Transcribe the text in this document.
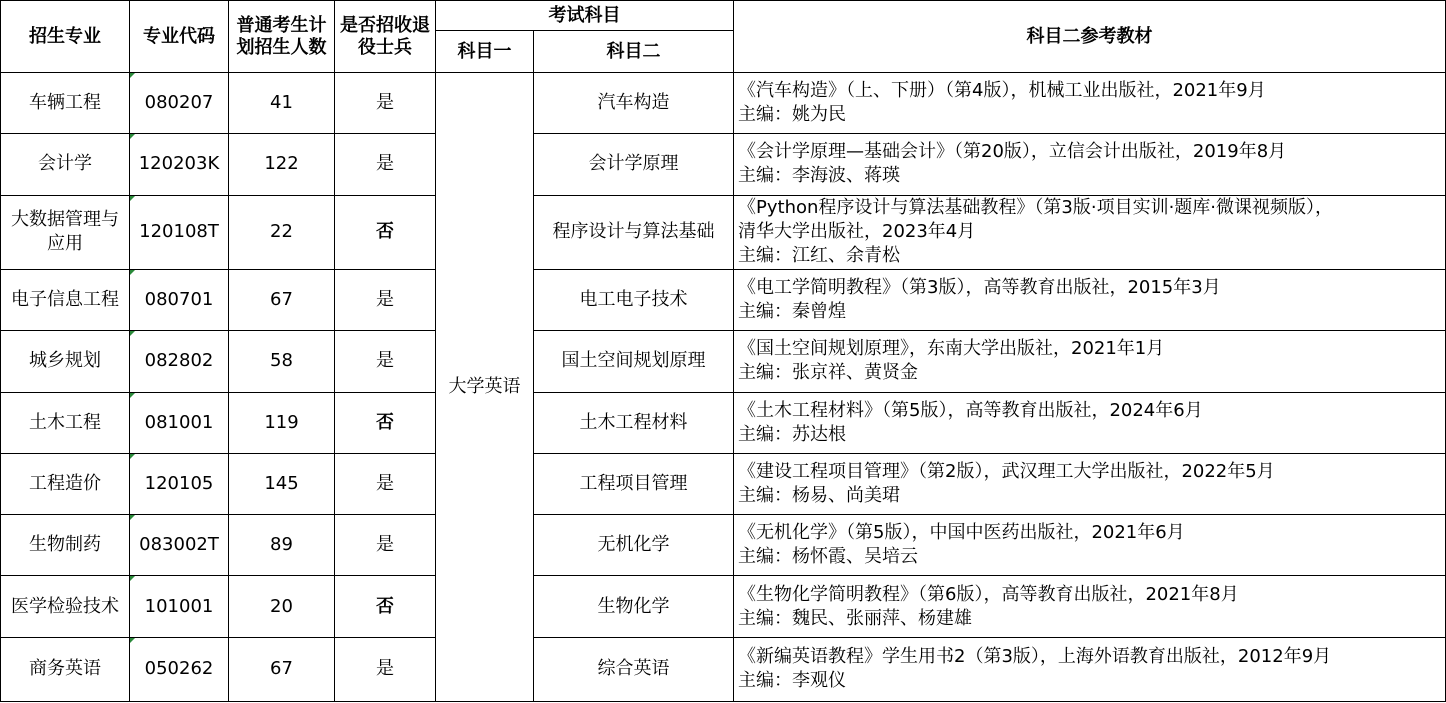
招生专业	专业代码	普通考生计划招生人数	是否招收退役士兵	考试科目		科目二参考教材
				科目一	科目二	
车辆工程	080207	41	是	大学英语	汽车构造	《汽车构造》（上、下册）（第4版），机械工业出版社，2021年9月
主编：姚为民

会计学	120203K	122	是		会计学原理	《会计学原理—基础会计》（第20版），立信会计出版社，2019年8月
主编：李海波、蒋瑛

大数据管理与应用	120108T	22	否		程序设计与算法基础	《Python程序设计与算法基础教程》（第3版·项目实训·题库·微课视频版），
清华大学出版社，2023年4月
主编：江红、余青松

电子信息工程	080701	67	是		电工电子技术	《电工学简明教程》（第3版），高等教育出版社，2015年3月
主编：秦曾煌

城乡规划	082802	58	是		国土空间规划原理	《国土空间规划原理》，东南大学出版社，2021年1月
主编：张京祥、黄贤金

土木工程	081001	119	否		土木工程材料	《土木工程材料》（第5版），高等教育出版社，2024年6月
主编：苏达根

工程造价	120105	145	是		工程项目管理	《建设工程项目管理》（第2版），武汉理工大学出版社，2022年5月
主编：杨易、尚美珺

生物制药	083002T	89	是		无机化学	《无机化学》（第5版），中国中医药出版社，2021年6月
主编：杨怀霞、吴培云

医学检验技术	101001	20	否		生物化学	《生物化学简明教程》（第6版），高等教育出版社，2021年8月
主编：魏民、张丽萍、杨建雄

商务英语	050262	67	是		综合英语	《新编英语教程》学生用书2（第3版），上海外语教育出版社，2012年9月
主编：李观仪
